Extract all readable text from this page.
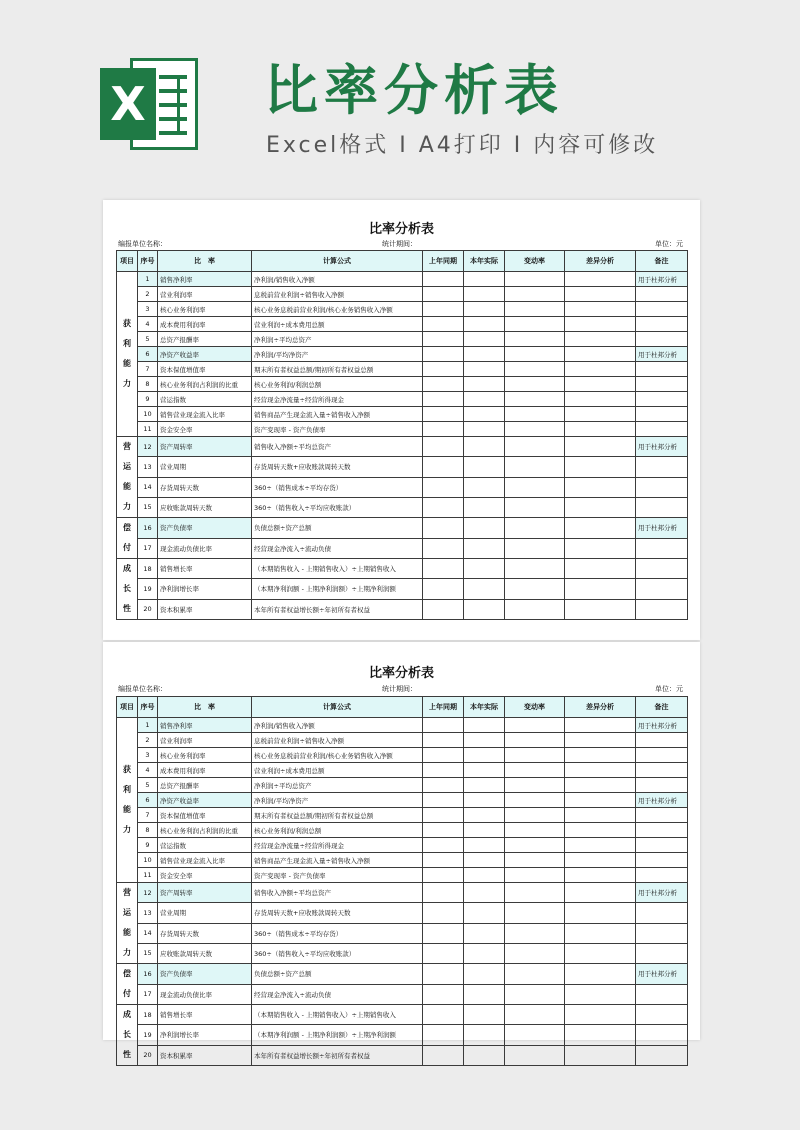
X 比率分析表
Excel格式 I A4打印 I 内容可修改
比率分析表
编报单位名称：	统计期间：	单位：元
项目	序号	比　率	计算公式	上年同期	本年实际	变动率	差异分析	备注

获
利
能
力	1	销售净利率	净利润/销售收入净额					用于杜邦分析
	2	营业利润率	息税前营业利润÷销售收入净额					
	3	核心业务利润率	核心业务息税前营业利润/核心业务销售收入净额					
	4	成本费用利润率	营业利润÷成本费用总额					
	5	总资产报酬率	净利润÷平均总资产					
	6	净资产收益率	净利润/平均净资产					用于杜邦分析
	7	资本保值增值率	期末所有者权益总额/期初所有者权益总额					
	8	核心业务利润占利润的比重	核心业务利润/利润总额					
	9	营运指数	经营现金净流量÷经营所得现金					
	10	销售营业现金流入比率	销售商品产生现金流入量÷销售收入净额					
	11	资金安全率	资产变现率 - 资产负债率					

营
运
能
力	12	资产周转率	销售收入净额÷平均总资产					用于杜邦分析
	13	营业周期	存货周转天数+应收账款周转天数					
	14	存货周转天数	360÷（销售成本÷平均存货）					
	15	应收账款周转天数	360÷（销售收入÷平均应收账款）					

偿
付	16	资产负债率	负债总额÷资产总额					用于杜邦分析
	17	现金流动负债比率	经营现金净流入÷流动负债					

成
长
性	18	销售增长率	（本期销售收入 - 上期销售收入）÷上期销售收入					
	19	净利润增长率	（本期净利润额 - 上期净利润额）÷上期净利润额					
	20	资本积累率	本年所有者权益增长额÷年初所有者权益					
比率分析表
编报单位名称：	统计期间：	单位：元
项目	序号	比　率	计算公式	上年同期	本年实际	变动率	差异分析	备注

获
利
能
力	1	销售净利率	净利润/销售收入净额					用于杜邦分析
	2	营业利润率	息税前营业利润÷销售收入净额					
	3	核心业务利润率	核心业务息税前营业利润/核心业务销售收入净额					
	4	成本费用利润率	营业利润÷成本费用总额					
	5	总资产报酬率	净利润÷平均总资产					
	6	净资产收益率	净利润/平均净资产					用于杜邦分析
	7	资本保值增值率	期末所有者权益总额/期初所有者权益总额					
	8	核心业务利润占利润的比重	核心业务利润/利润总额					
	9	营运指数	经营现金净流量÷经营所得现金					
	10	销售营业现金流入比率	销售商品产生现金流入量÷销售收入净额					
	11	资金安全率	资产变现率 - 资产负债率					

营
运
能
力	12	资产周转率	销售收入净额÷平均总资产					用于杜邦分析
	13	营业周期	存货周转天数+应收账款周转天数					
	14	存货周转天数	360÷（销售成本÷平均存货）					
	15	应收账款周转天数	360÷（销售收入÷平均应收账款）					

偿
付	16	资产负债率	负债总额÷资产总额					用于杜邦分析
	17	现金流动负债比率	经营现金净流入÷流动负债					

成
长
性	18	销售增长率	（本期销售收入 - 上期销售收入）÷上期销售收入					
	19	净利润增长率	（本期净利润额 - 上期净利润额）÷上期净利润额					
	20	资本积累率	本年所有者权益增长额÷年初所有者权益					
